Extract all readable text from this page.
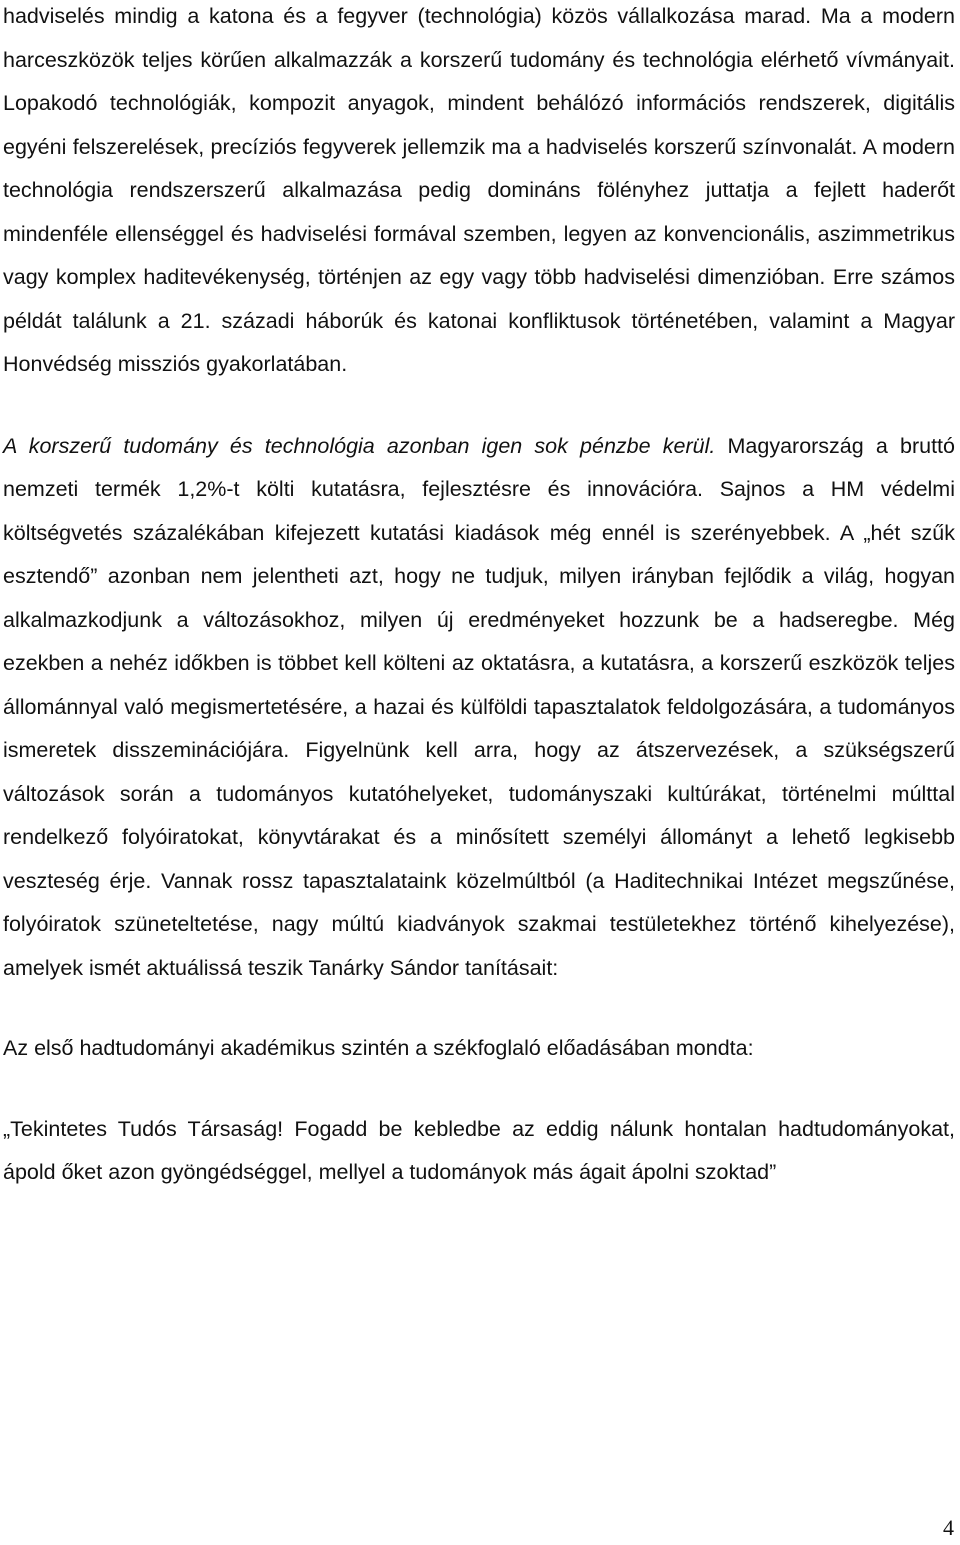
hadviselés mindig a katona és a fegyver (technológia) közös vállalkozása marad. Ma a modern harceszközök teljes körűen alkalmazzák a korszerű tudomány és technológia elérhető vívmányait. Lopakodó technológiák, kompozit anyagok, mindent behálózó információs rendszerek, digitális egyéni felszerelések, precíziós fegyverek jellemzik ma a hadviselés korszerű színvonalát. A modern technológia rendszerszerű alkalmazása pedig domináns fölényhez juttatja a fejlett haderőt mindenféle ellenséggel és hadviselési formával szemben, legyen az konvencionális, aszimmetrikus vagy komplex haditevékenység, történjen az egy vagy több hadviselési dimenzióban. Erre számos példát találunk a 21. századi háborúk és katonai konfliktusok történetében, valamint a Magyar Honvédség missziós gyakorlatában.

A korszerű tudomány és technológia azonban igen sok pénzbe kerül. Magyarország a bruttó nemzeti termék 1,2%-t költi kutatásra, fejlesztésre és innovációra. Sajnos a HM védelmi költségvetés százalékában kifejezett kutatási kiadások még ennél is szerényebbek. A „hét szűk esztendő” azonban nem jelentheti azt, hogy ne tudjuk, milyen irányban fejlődik a világ, hogyan alkalmazkodjunk a változásokhoz, milyen új eredményeket hozzunk be a hadseregbe. Még ezekben a nehéz időkben is többet kell költeni az oktatásra, a kutatásra, a korszerű eszközök teljes állománnyal való megismertetésére, a hazai és külföldi tapasztalatok feldolgozására, a tudományos ismeretek disszeminációjára. Figyelnünk kell arra, hogy az átszervezések, a szükségszerű változások során a tudományos kutatóhelyeket, tudományszaki kultúrákat, történelmi múlttal rendelkező folyóiratokat, könyvtárakat és a minősített személyi állományt a lehető legkisebb veszteség érje. Vannak rossz tapasztalataink közelmúltból (a Haditechnikai Intézet megszűnése, folyóiratok szüneteltetése, nagy múltú kiadványok szakmai testületekhez történő kihelyezése), amelyek ismét aktuálissá teszik Tanárky Sándor tanításait:

Az első hadtudományi akadémikus szintén a székfoglaló előadásában mondta:

„Tekintetes Tudós Társaság! Fogadd be kebledbe az eddig nálunk hontalan hadtudományokat, ápold őket azon gyöngédséggel, mellyel a tudományok más ágait ápolni szoktad”

4
